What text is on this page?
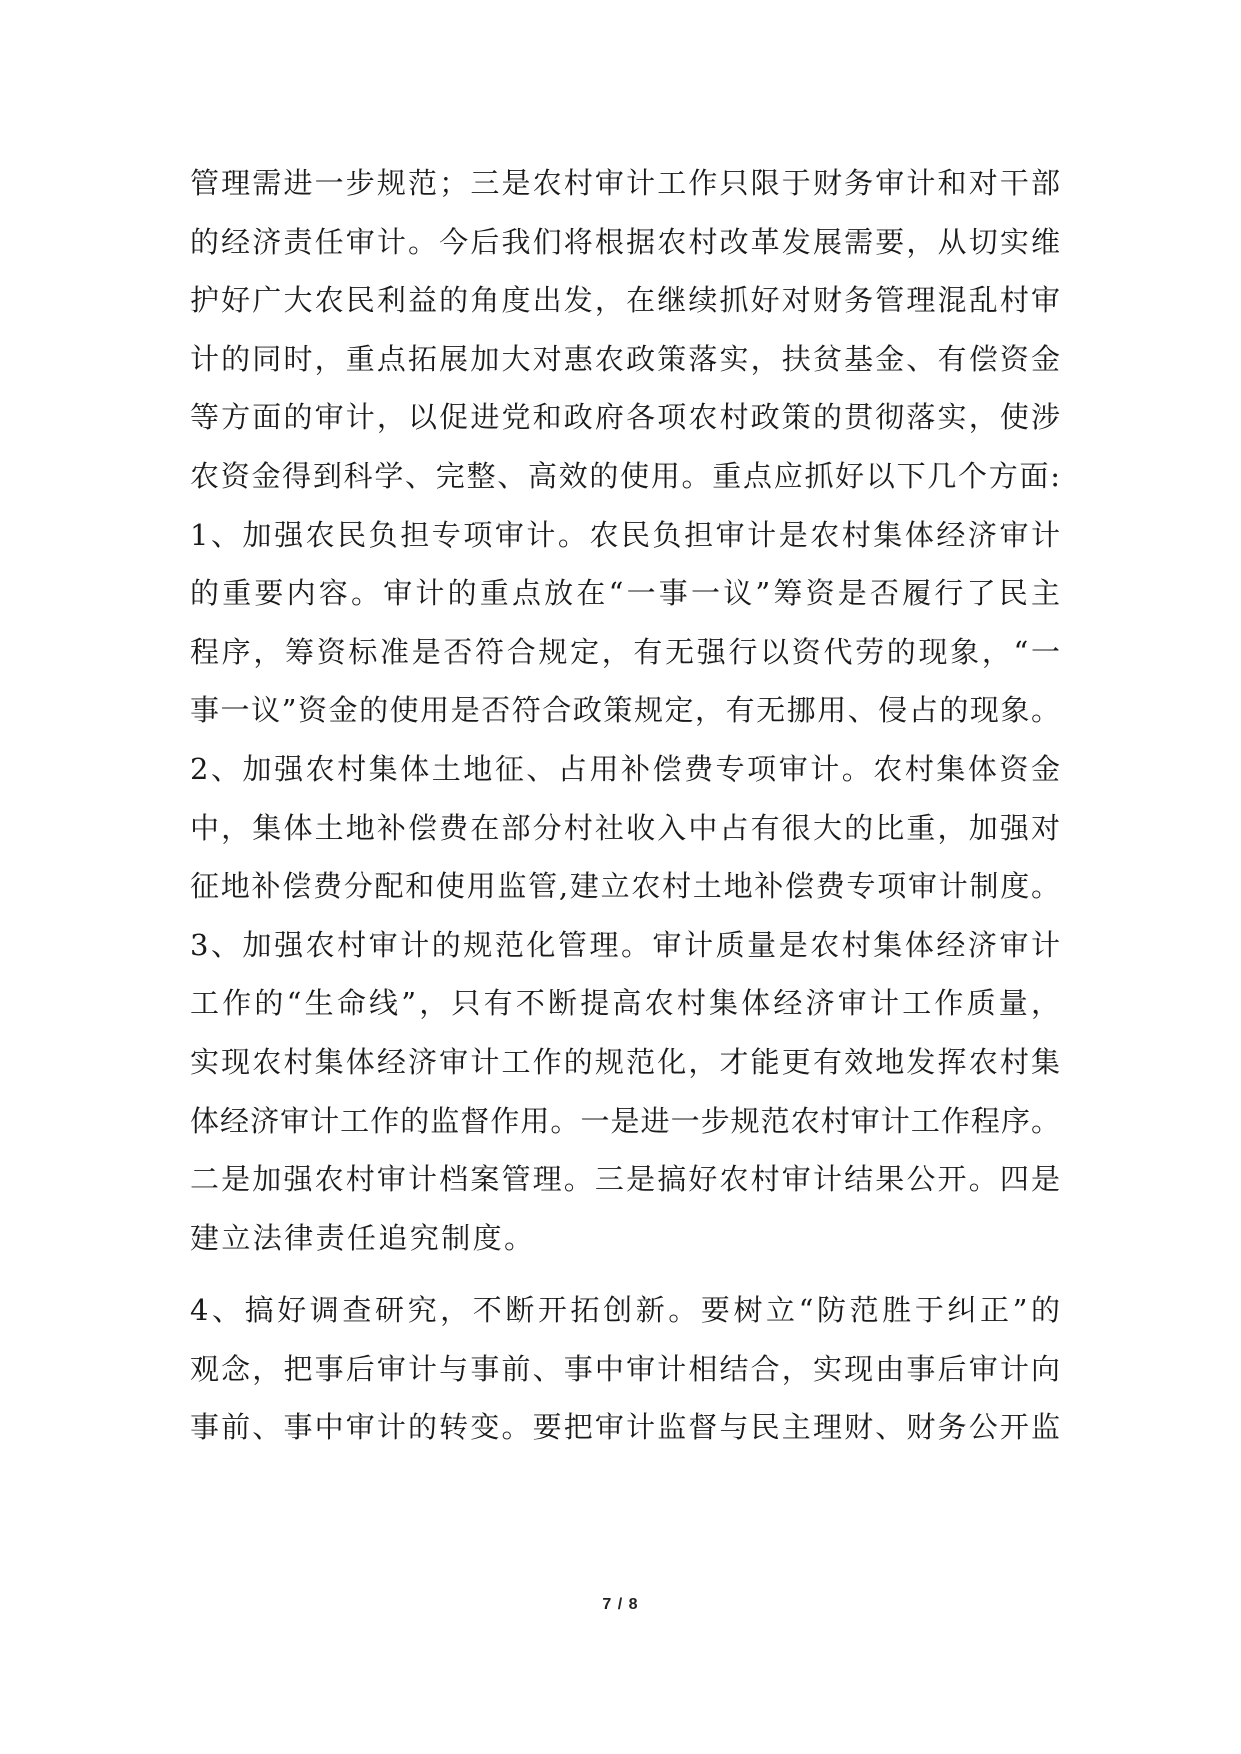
管理需进一步规范；三是农村审计工作只限于财务审计和对干部
的经济责任审计。今后我们将根据农村改革发展需要，从切实维
护好广大农民利益的角度出发，在继续抓好对财务管理混乱村审
计的同时，重点拓展加大对惠农政策落实，扶贫基金、有偿资金
等方面的审计，以促进党和政府各项农村政策的贯彻落实，使涉
农资金得到科学、完整、高效的使用。重点应抓好以下几个方面:
1、加强农民负担专项审计。农民负担审计是农村集体经济审计
的重要内容。审计的重点放在“一事一议”筹资是否履行了民主
程序，筹资标准是否符合规定，有无强行以资代劳的现象，“一
事一议”资金的使用是否符合政策规定，有无挪用、侵占的现象。
2、加强农村集体土地征、占用补偿费专项审计。农村集体资金
中，集体土地补偿费在部分村社收入中占有很大的比重，加强对
征地补偿费分配和使用监管,建立农村土地补偿费专项审计制度。
3、加强农村审计的规范化管理。审计质量是农村集体经济审计
工作的“生命线”，只有不断提高农村集体经济审计工作质量，
实现农村集体经济审计工作的规范化，才能更有效地发挥农村集
体经济审计工作的监督作用。一是进一步规范农村审计工作程序。
二是加强农村审计档案管理。三是搞好农村审计结果公开。四是
建立法律责任追究制度。
4、搞好调查研究，不断开拓创新。要树立“防范胜于纠正”的
观念，把事后审计与事前、事中审计相结合，实现由事后审计向
事前、事中审计的转变。要把审计监督与民主理财、财务公开监
7 / 8
